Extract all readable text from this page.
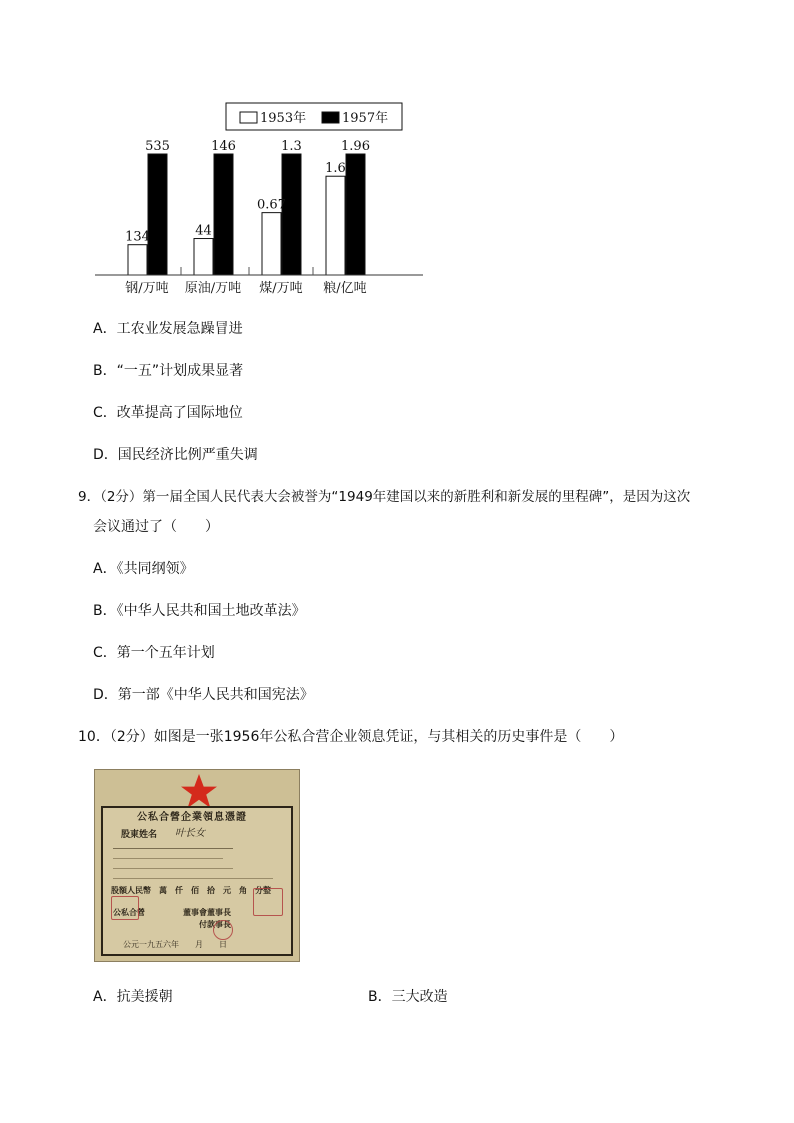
1953年	1957年
134
535
44
146
0.67
1.3
1.6
1.96
钢/万吨 原油/万吨 煤/万吨 粮/亿吨
A．工农业发展急躁冒进
B．“一五”计划成果显著
C．改革提高了国际地位
D．国民经济比例严重失调
9．（2分）第一届全国人民代表大会被誉为“1949年建国以来的新胜利和新发展的里程碑”，是因为这次
会议通过了（　　）
A．《共同纲领》
B．《中华人民共和国土地改革法》
C．第一个五年计划
D．第一部《中华人民共和国宪法》
10．（2分）如图是一张1956年公私合营企业领息凭证，与其相关的历史事件是（　　）
公私合營企業領息憑證
股東姓名 叶长女
股額人民幣　萬　仟　佰　拾　元　角　分整
公私合營	董事會董事長
付款事長
公元一九五六年　　月　　日
A．抗美援朝	B．三大改造
